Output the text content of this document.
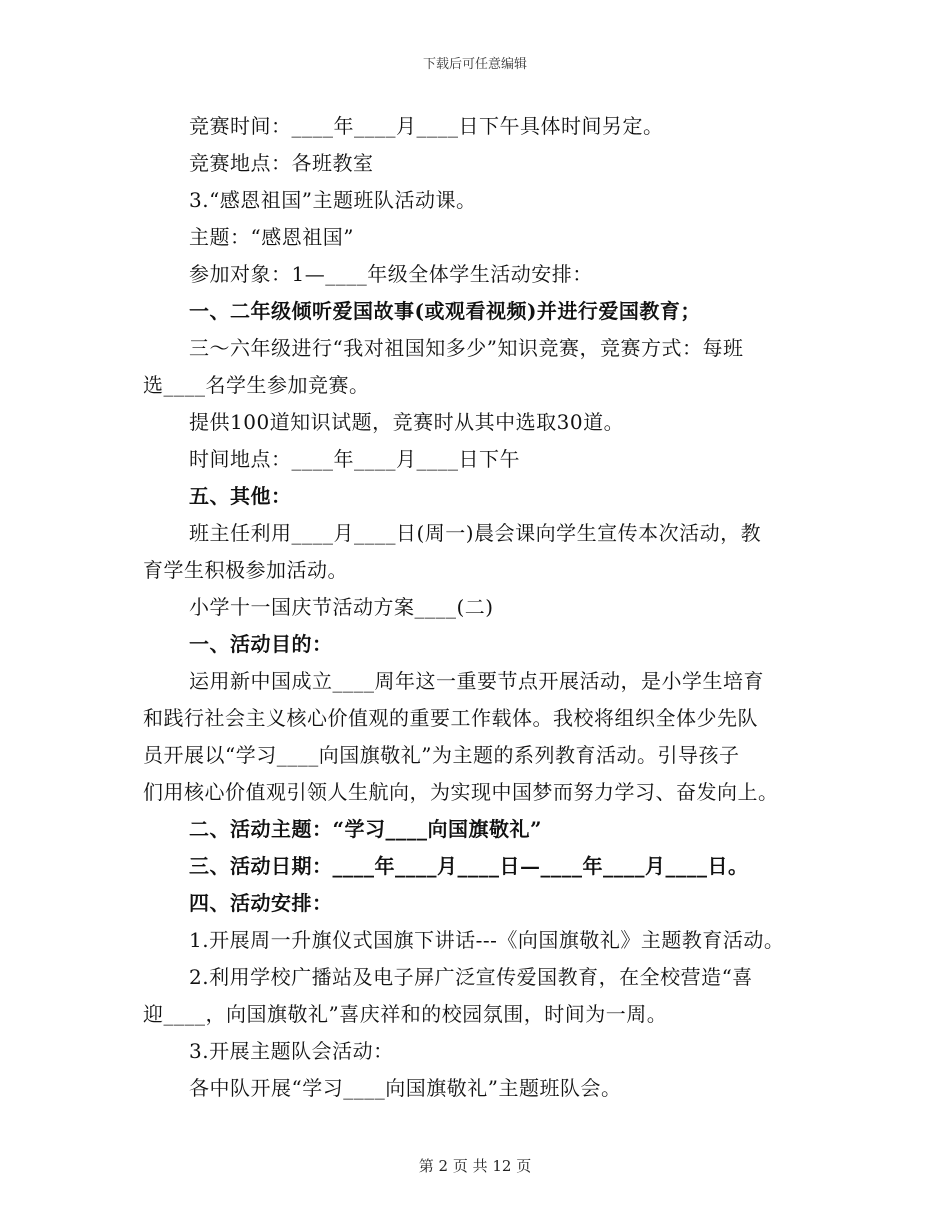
下载后可任意编辑

竞赛时间：____年____月____日下午具体时间另定。

竞赛地点：各班教室

3.“感恩祖国”主题班队活动课。

主题：“感恩祖国”

参加对象：1—____年级全体学生活动安排：

一、二年级倾听爱国故事(或观看视频)并进行爱国教育；

三～六年级进行“我对祖国知多少”知识竞赛，竞赛方式：每班

选____名学生参加竞赛。

提供100道知识试题，竞赛时从其中选取30道。

时间地点：____年____月____日下午

五、其他：

班主任利用____月____日(周一)晨会课向学生宣传本次活动，教

育学生积极参加活动。

小学十一国庆节活动方案____(二)

一、活动目的：

运用新中国成立____周年这一重要节点开展活动，是小学生培育

和践行社会主义核心价值观的重要工作载体。我校将组织全体少先队

员开展以“学习____向国旗敬礼”为主题的系列教育活动。引导孩子

们用核心价值观引领人生航向，为实现中国梦而努力学习、奋发向上。

二、活动主题：“学习____向国旗敬礼”

三、活动日期：____年____月____日—____年____月____日。

四、活动安排：

1.开展周一升旗仪式国旗下讲话---《向国旗敬礼》主题教育活动。

2.利用学校广播站及电子屏广泛宣传爱国教育，在全校营造“喜

迎____，向国旗敬礼”喜庆祥和的校园氛围，时间为一周。

3.开展主题队会活动：

各中队开展“学习____向国旗敬礼”主题班队会。

第 2 页 共 12 页
